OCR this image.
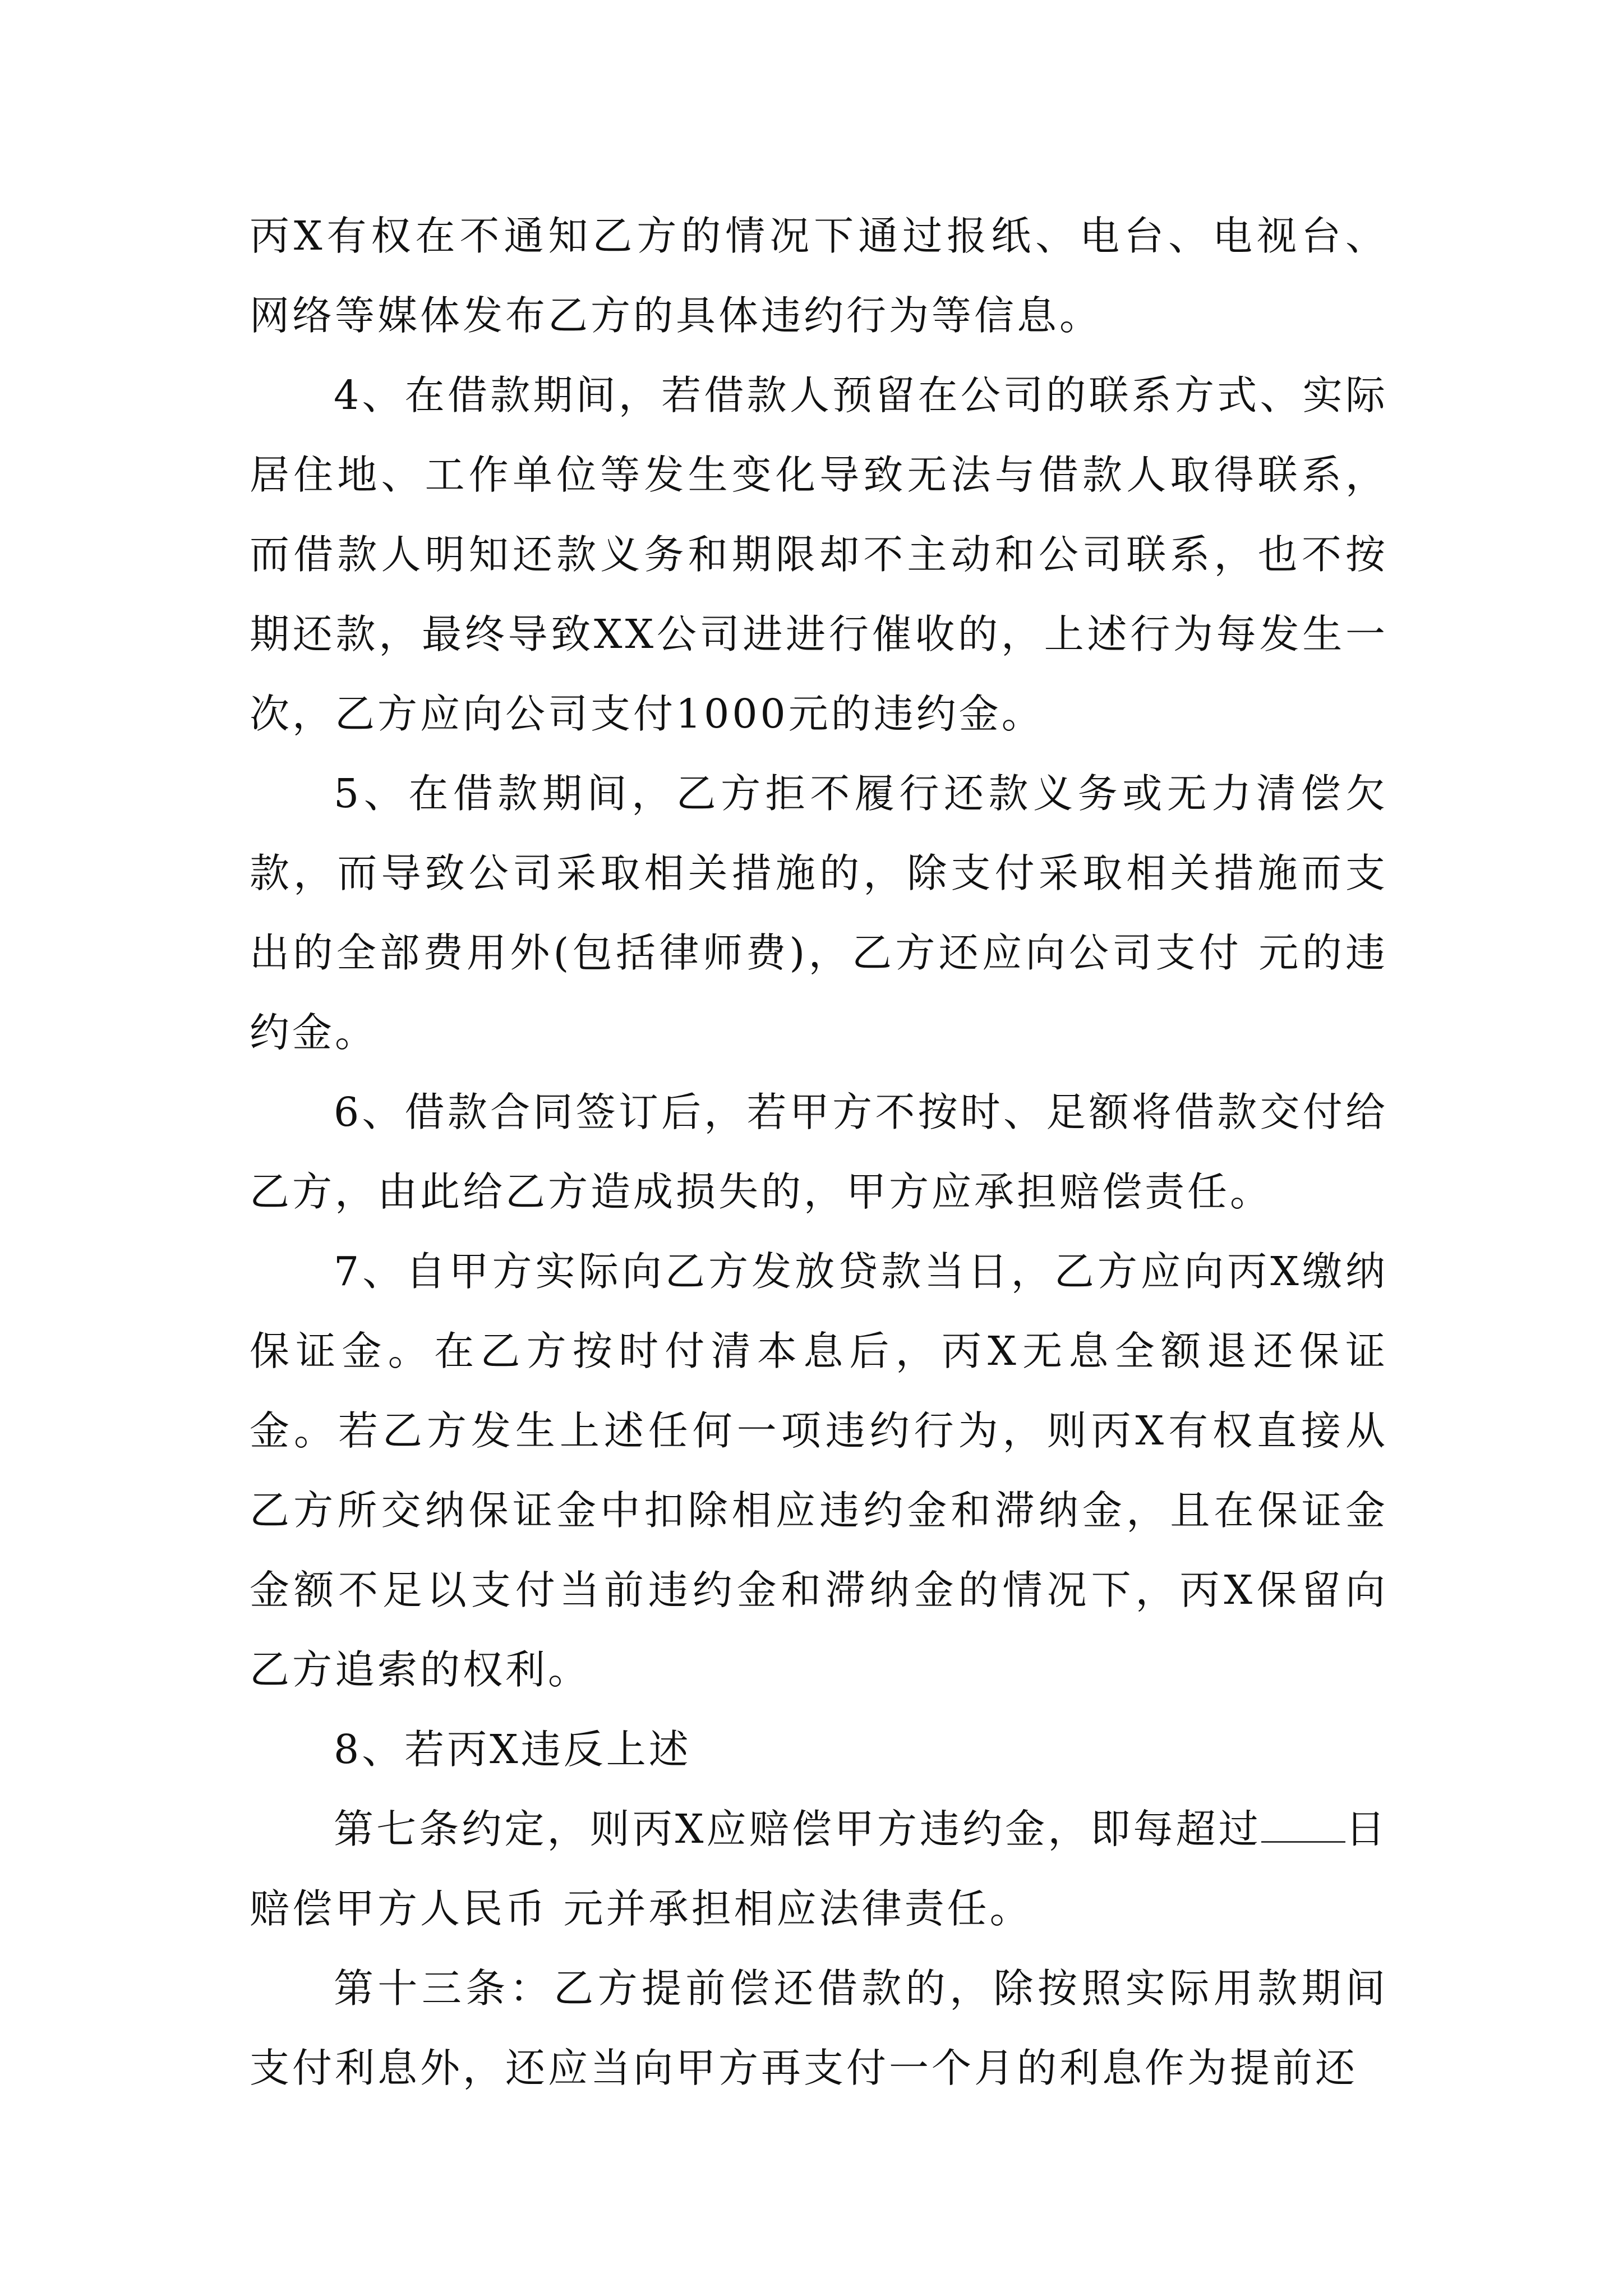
丙X有权在不通知乙方的情况下通过报纸、电台、电视台、网络等媒体发布乙方的具体违约行为等信息。

4、在借款期间，若借款人预留在公司的联系方式、实际居住地、工作单位等发生变化导致无法与借款人取得联系，而借款人明知还款义务和期限却不主动和公司联系，也不按期还款，最终导致XX公司进进行催收的，上述行为每发生一次，乙方应向公司支付1000元的违约金。

5、在借款期间，乙方拒不履行还款义务或无力清偿欠款，而导致公司采取相关措施的，除支付采取相关措施而支出的全部费用外(包括律师费)，乙方还应向公司支付 元的违约金。

6、借款合同签订后，若甲方不按时、足额将借款交付给乙方，由此给乙方造成损失的，甲方应承担赔偿责任。

7、自甲方实际向乙方发放贷款当日，乙方应向丙X缴纳保证金。在乙方按时付清本息后，丙X无息全额退还保证金。若乙方发生上述任何一项违约行为，则丙X有权直接从乙方所交纳保证金中扣除相应违约金和滞纳金，且在保证金金额不足以支付当前违约金和滞纳金的情况下，丙X保留向乙方追索的权利。

8、若丙X违反上述

第七条约定，则丙X应赔偿甲方违约金，即每超过 日赔偿甲方人民币 元并承担相应法律责任。

第十三条：乙方提前偿还借款的，除按照实际用款期间支付利息外，还应当向甲方再支付一个月的利息作为提前还
